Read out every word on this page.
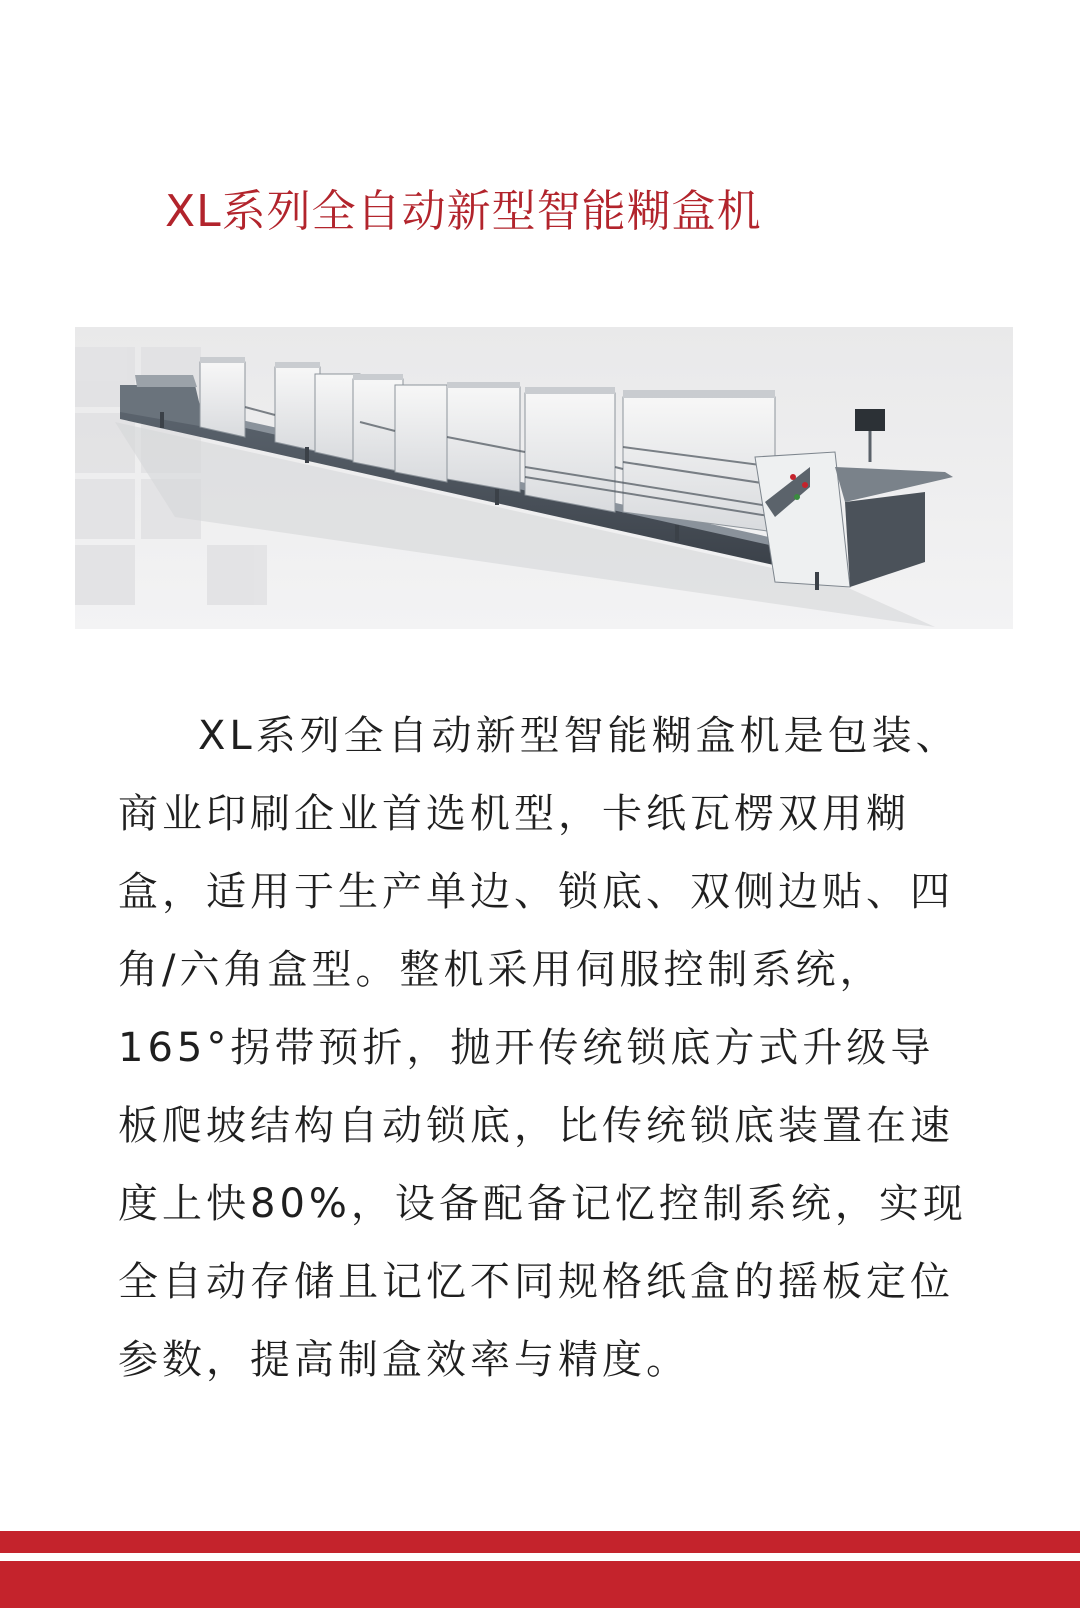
XL系列全自动新型智能糊盒机

XL系列全自动新型智能糊盒机是包装、商业印刷企业首选机型，卡纸瓦楞双用糊盒，适用于生产单边、锁底、双侧边贴、四角/六角盒型。整机采用伺服控制系统，165°拐带预折，抛开传统锁底方式升级导板爬坡结构自动锁底，比传统锁底装置在速度上快80%，设备配备记忆控制系统，实现全自动存储且记忆不同规格纸盒的摇板定位参数，提高制盒效率与精度。
